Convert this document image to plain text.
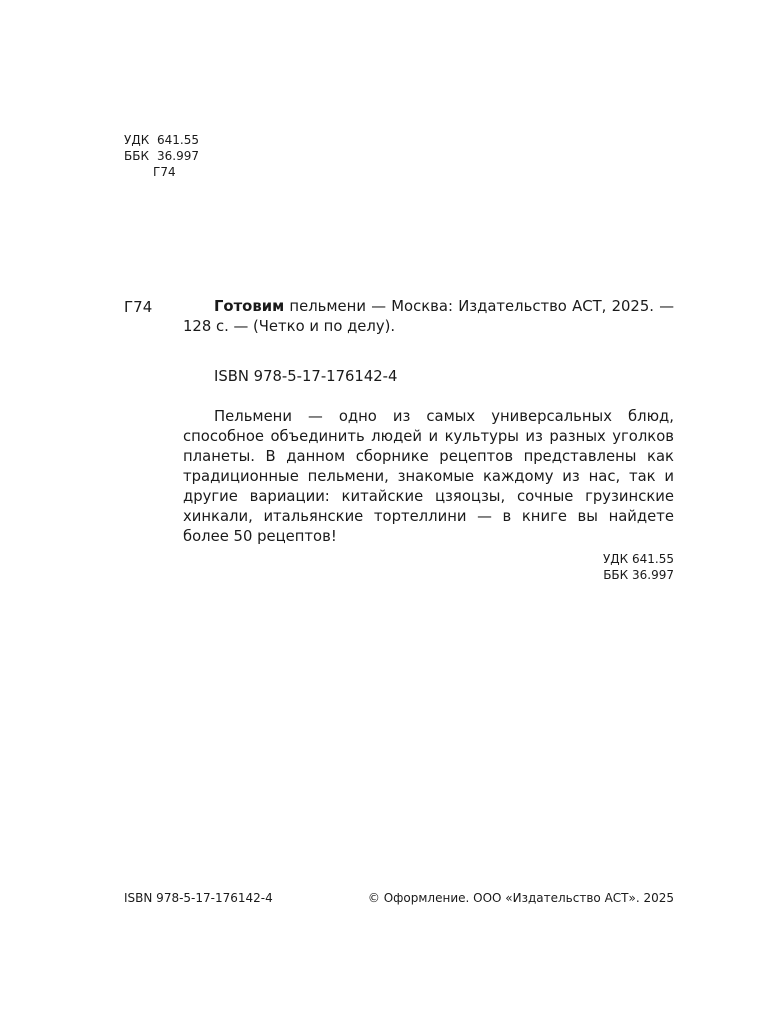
УДК 641.55
ББК 36.997
Г74
Г74	Готовим пельмени — Москва: Издательство АСТ, 2025. — 128 с. — (Четко и по делу).
ISBN 978-5-17-176142-4
Пельмени — одно из самых универсальных блюд, способное объединить людей и культуры из разных уголков планеты. В данном сборнике рецептов представлены как традиционные пельмени, знакомые каждому из нас, так и другие вариации: китайские цзяоцзы, сочные грузинские хинкали, итальянские тортеллини — в книге вы найдете более 50 рецептов!
УДК 641.55
ББК 36.997
ISBN 978-5-17-176142-4	© Оформление. ООО «Издательство АСТ». 2025
